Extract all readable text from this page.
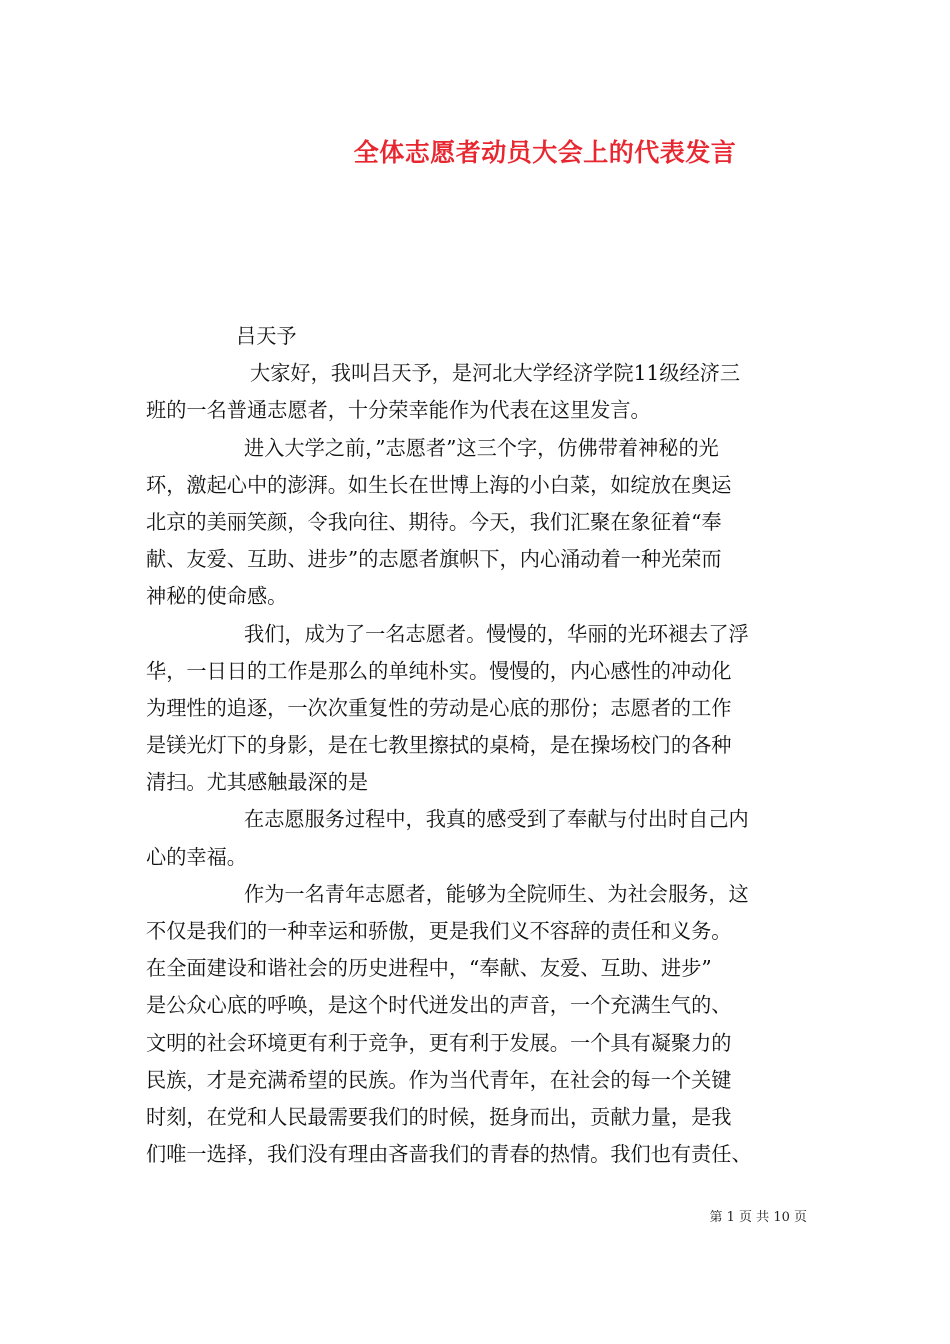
全体志愿者动员大会上的代表发言
吕天予
大家好，我叫吕天予，是河北大学经济学院11级经济三
班的一名普通志愿者，十分荣幸能作为代表在这里发言。
进入大学之前，”志愿者”这三个字，仿佛带着神秘的光
环，激起心中的澎湃。如生长在世博上海的小白菜，如绽放在奥运
北京的美丽笑颜，令我向往、期待。今天，我们汇聚在象征着“奉
献、友爱、互助、进步”的志愿者旗帜下，内心涌动着一种光荣而
神秘的使命感。
我们，成为了一名志愿者。慢慢的，华丽的光环褪去了浮
华，一日日的工作是那么的单纯朴实。慢慢的，内心感性的冲动化
为理性的追逐，一次次重复性的劳动是心底的那份；志愿者的工作
是镁光灯下的身影，是在七教里擦拭的桌椅，是在操场校门的各种
清扫。尤其感触最深的是
在志愿服务过程中，我真的感受到了奉献与付出时自己内
心的幸福。
作为一名青年志愿者，能够为全院师生、为社会服务，这
不仅是我们的一种幸运和骄傲，更是我们义不容辞的责任和义务。
在全面建设和谐社会的历史进程中，“奉献、友爱、互助、进步”
是公众心底的呼唤，是这个时代迸发出的声音，一个充满生气的、
文明的社会环境更有利于竞争，更有利于发展。一个具有凝聚力的
民族，才是充满希望的民族。作为当代青年，在社会的每一个关键
时刻，在党和人民最需要我们的时候，挺身而出，贡献力量，是我
们唯一选择，我们没有理由吝啬我们的青春的热情。我们也有责任、
第 1 页 共 10 页
